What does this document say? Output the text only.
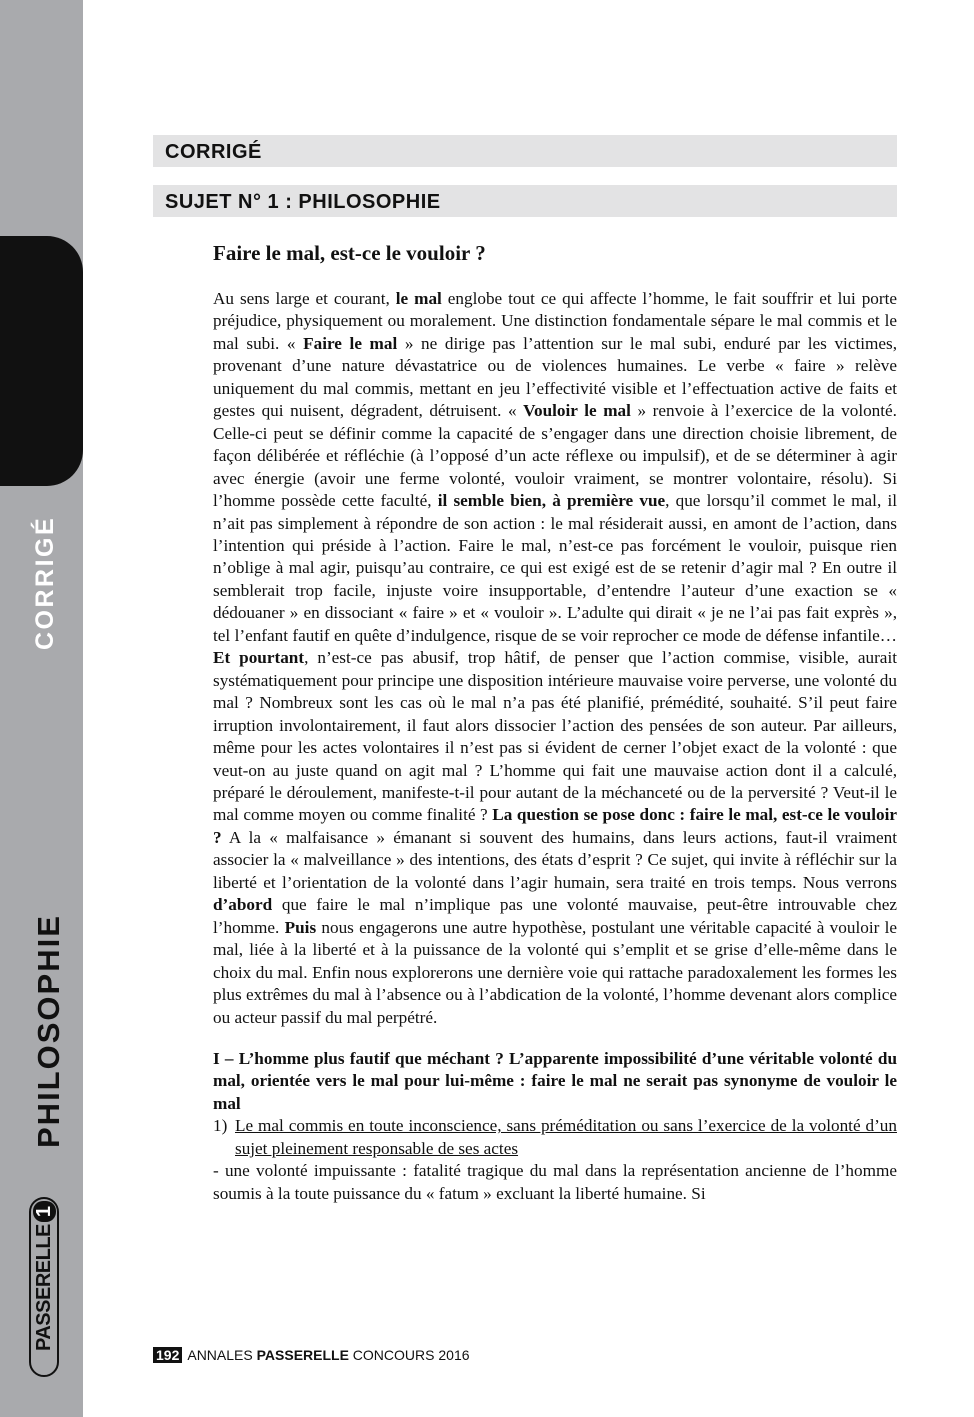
CORRIGÉ
PHILOSOPHIE
PASSERELLE1
CORRIGÉ
SUJET N° 1 : PHILOSOPHIE
Faire le mal, est-ce le vouloir ?

Au sens large et courant, le mal englobe tout ce qui affecte l’homme, le fait souffrir et lui porte préjudice, physiquement ou moralement. Une distinction fondamentale sépare le mal commis et le mal subi. « Faire le mal » ne dirige pas l’attention sur le mal subi, enduré par les victimes, provenant d’une nature dévastatrice ou de violences humaines. Le verbe « faire » relève uniquement du mal commis, mettant en jeu l’effectivité visible et l’effectuation active de faits et gestes qui nuisent, dégradent, détruisent. « Vouloir le mal » renvoie à l’exercice de la volonté. Celle-ci peut se définir comme la capacité de s’engager dans une direction choisie librement, de façon délibérée et réfléchie (à l’opposé d’un acte réflexe ou impulsif), et de se déterminer à agir avec énergie (avoir une ferme volonté, vouloir vraiment, se montrer volontaire, résolu). Si l’homme possède cette faculté, il semble bien, à première vue, que lorsqu’il commet le mal, il n’ait pas simplement à répondre de son action : le mal résiderait aussi, en amont de l’action, dans l’intention qui préside à l’action. Faire le mal, n’est-ce pas forcément le vouloir, puisque rien n’oblige à mal agir, puisqu’au contraire, ce qui est exigé est de se retenir d’agir mal ? En outre il semblerait trop facile, injuste voire insupportable, d’entendre l’auteur d’une exaction se « dédouaner » en dissociant « faire » et « vouloir ». L’adulte qui dirait « je ne l’ai pas fait exprès », tel l’enfant fautif en quête d’indulgence, risque de se voir reprocher ce mode de défense infantile… Et pourtant, n’est-ce pas abusif, trop hâtif, de penser que l’action commise, visible, aurait systématiquement pour principe une disposition intérieure mauvaise voire perverse, une volonté du mal ? Nombreux sont les cas où le mal n’a pas été planifié, prémédité, souhaité. S’il peut faire irruption involontairement, il faut alors dissocier l’action des pensées de son auteur. Par ailleurs, même pour les actes volontaires il n’est pas si évident de cerner l’objet exact de la volonté : que veut-on au juste quand on agit mal ? L’homme qui fait une mauvaise action dont il a calculé, préparé le déroulement, manifeste-t-il pour autant de la méchanceté ou de la perversité ? Veut-il le mal comme moyen ou comme finalité ? La question se pose donc : faire le mal, est-ce le vouloir ? A la « malfaisance » émanant si souvent des humains, dans leurs actions, faut-il vraiment associer la « malveillance » des intentions, des états d’esprit ? Ce sujet, qui invite à réfléchir sur la liberté et l’orientation de la volonté dans l’agir humain, sera traité en trois temps. Nous verrons d’abord que faire le mal n’implique pas une volonté mauvaise, peut-être introuvable chez l’homme. Puis nous engagerons une autre hypothèse, postulant une véritable capacité à vouloir le mal, liée à la liberté et à la puissance de la volonté qui s’emplit et se grise d’elle-même dans le choix du mal. Enfin nous explorerons une dernière voie qui rattache paradoxalement les formes les plus extrêmes du mal à l’absence ou à l’abdication de la volonté, l’homme devenant alors complice ou acteur passif du mal perpétré.

I – L’homme plus fautif que méchant ? L’apparente impossibilité d’une véritable volonté du mal, orientée vers le mal pour lui-même : faire le mal ne serait pas synonyme de vouloir le mal

1) Le mal commis en toute inconscience, sans préméditation ou sans l’exercice de la volonté d’un sujet pleinement responsable de ses actes

- une volonté impuissante : fatalité tragique du mal dans la représentation ancienne de l’homme soumis à la toute puissance du « fatum » excluant la liberté humaine. Si

192 ANNALES PASSERELLE CONCOURS 2016
